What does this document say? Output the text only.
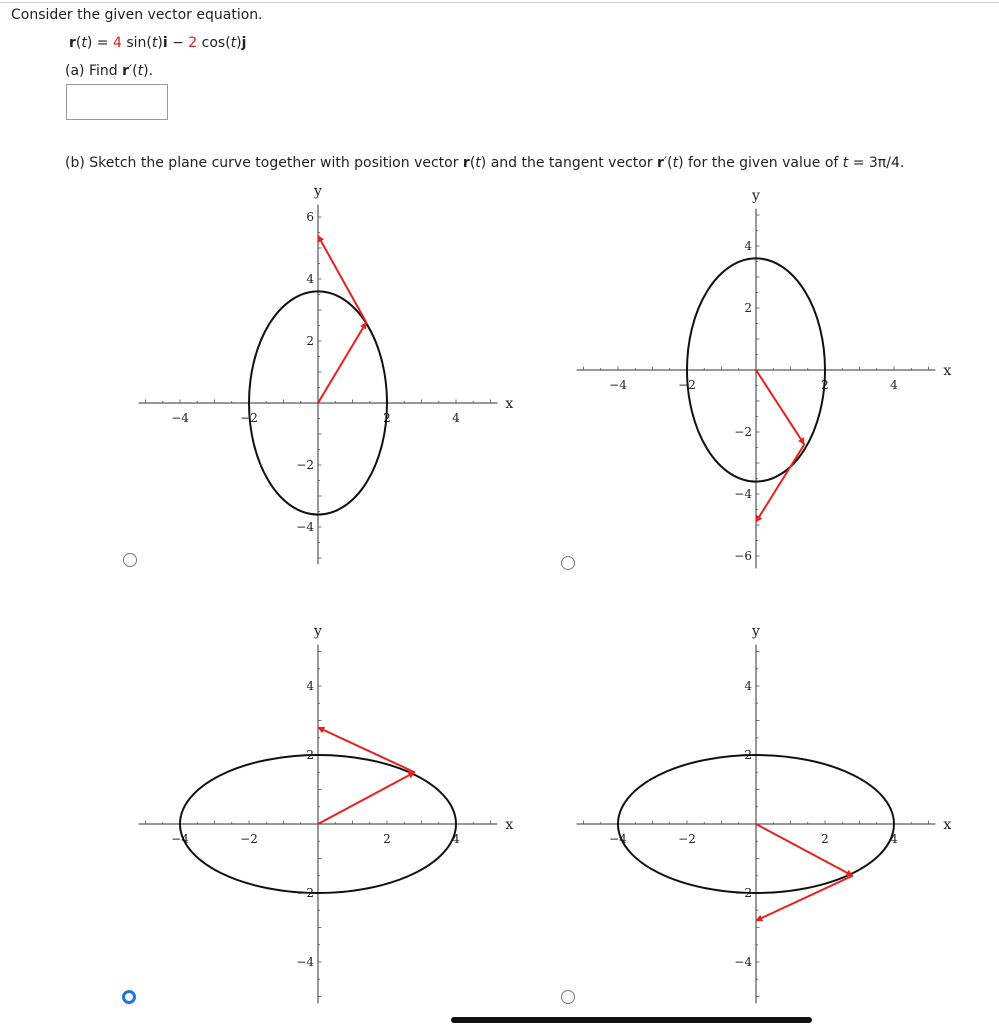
Consider the given vector equation.
r(t) = 4 sin(t)i − 2 cos(t)j
(a) Find r′(t).
(b) Sketch the plane curve together with position vector r(t) and the tangent vector r′(t) for the given value of t = 3π/4.
−4	−2	2	4
6
4
2
−2
−4
x
y
−4	−2	2	4
4
2
−2
−4
−6
x
y
−4	−2	2	4
4
2
−2
−4
x
y
−4	−2	2	4
4
2
−2
−4
x
y
